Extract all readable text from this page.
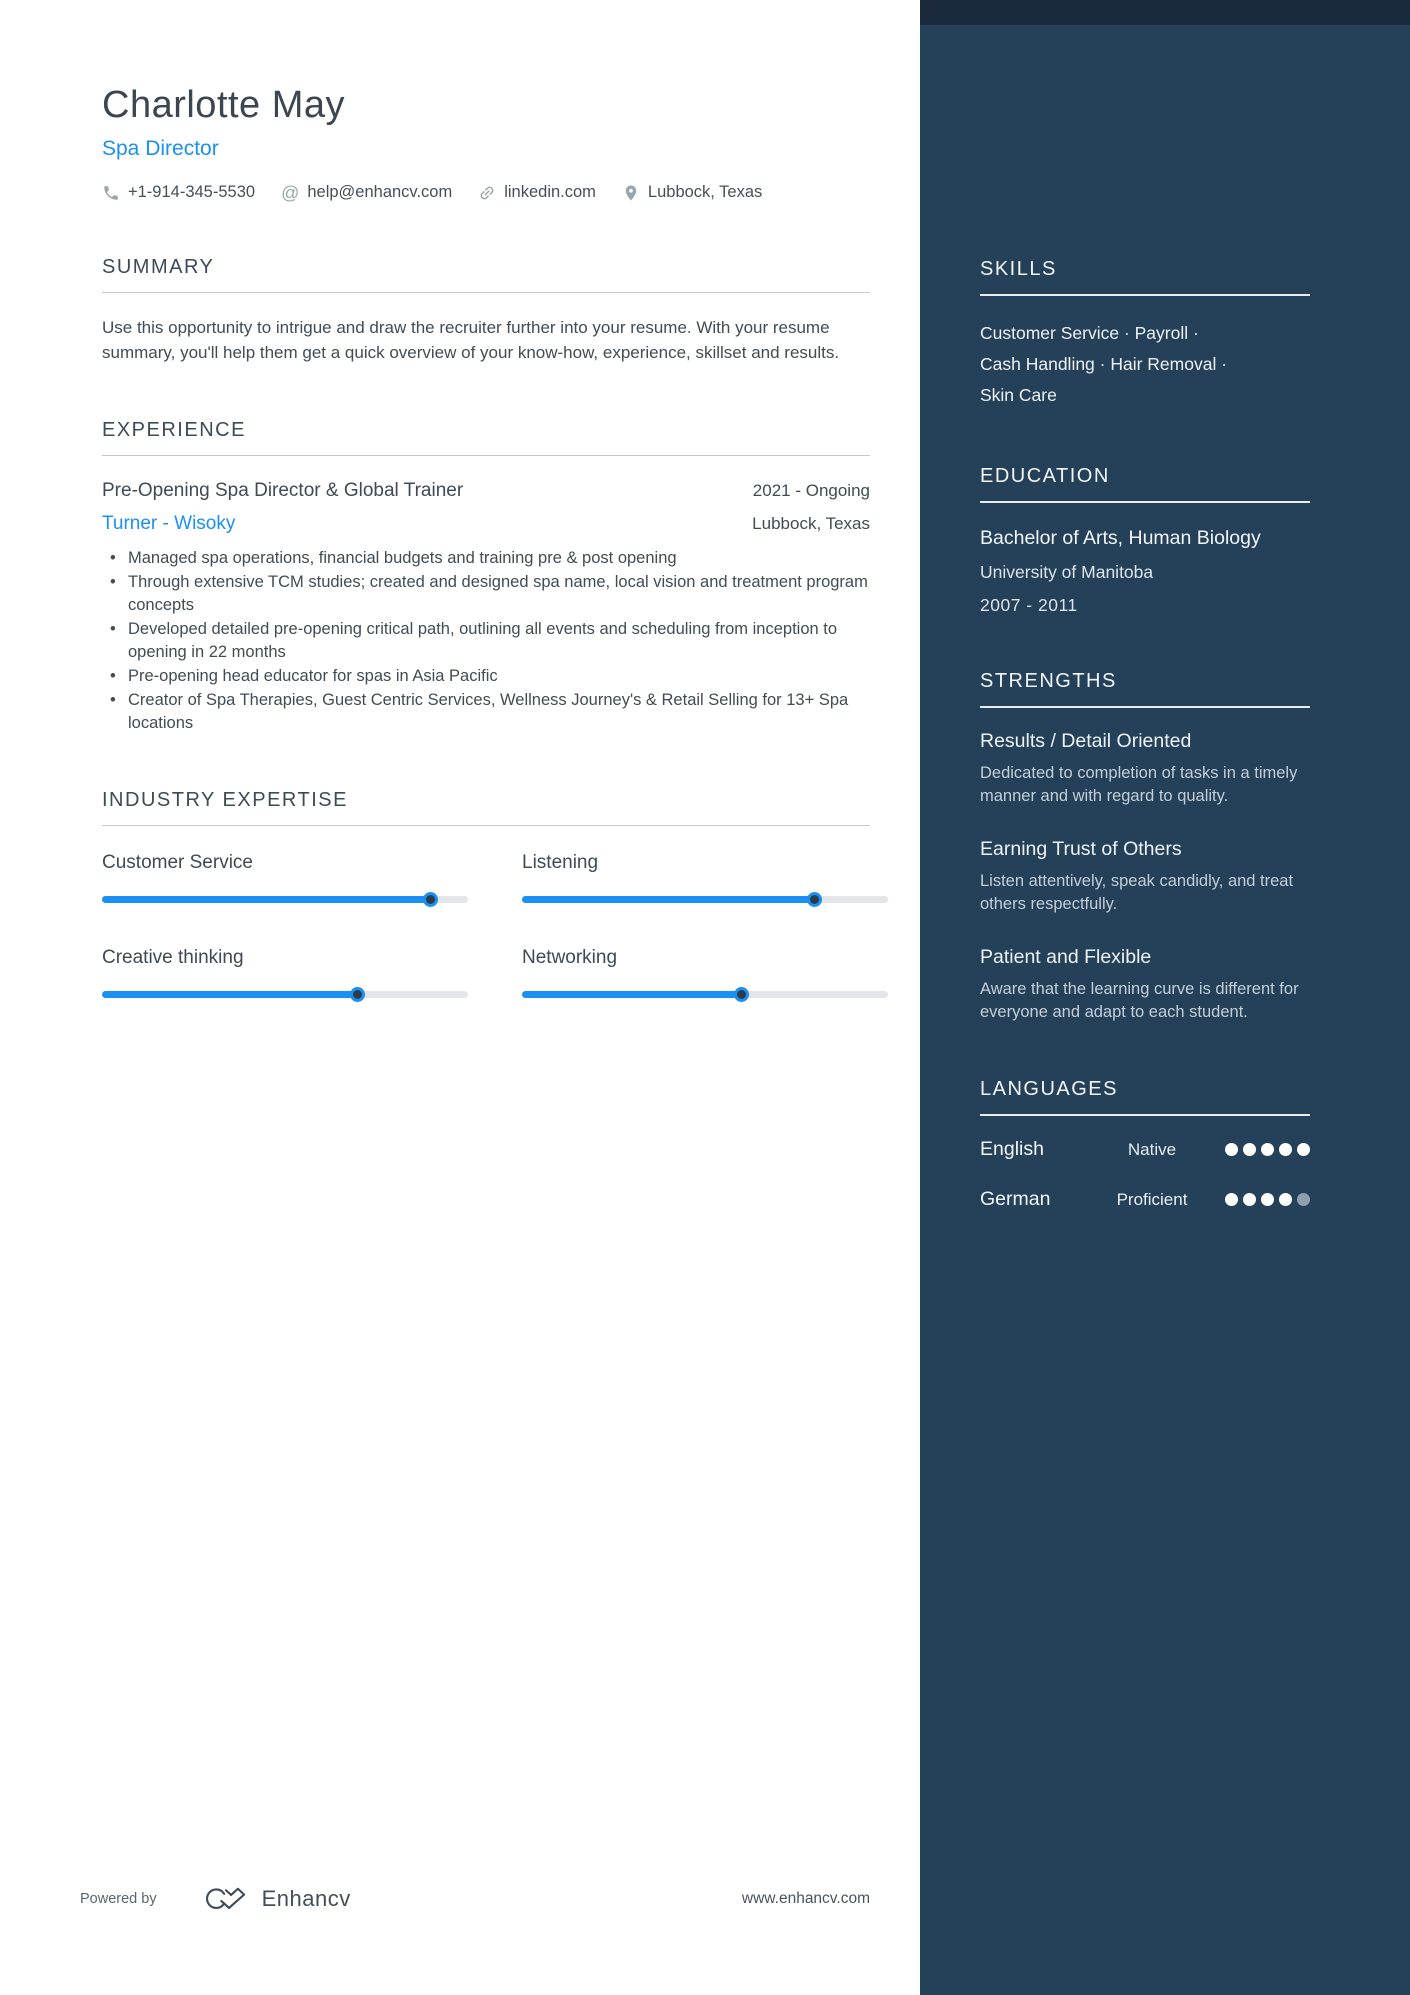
SKILLS
Customer Service · Payroll ·
Cash Handling · Hair Removal ·
Skin Care
EDUCATION
Bachelor of Arts, Human Biology
University of Manitoba
2007 - 2011
STRENGTHS
Results / Detail Oriented
Dedicated to completion of tasks in a timely manner and with regard to quality.
Earning Trust of Others
Listen attentively, speak candidly, and treat others respectfully.
Patient and Flexible
Aware that the learning curve is different for everyone and adapt to each student.
LANGUAGES
English	Native
German	Proficient
Charlotte May
Spa Director
+1-914-345-5530 @ help@enhancv.com	linkedin.com	Lubbock, Texas
SUMMARY

Use this opportunity to intrigue and draw the recruiter further into your resume. With your resume summary, you'll help them get a quick overview of your know-how, experience, skillset and results.

EXPERIENCE
Pre-Opening Spa Director & Global Trainer	2021 - Ongoing
Turner - Wisoky	Lubbock, Texas
• Managed spa operations, financial budgets and training pre & post opening
• Through extensive TCM studies; created and designed spa name, local vision and treatment program concepts
• Developed detailed pre-opening critical path, outlining all events and scheduling from inception to opening in 22 months
• Pre-opening head educator for spas in Asia Pacific
• Creator of Spa Therapies, Guest Centric Services, Wellness Journey's & Retail Selling for 13+ Spa locations
INDUSTRY EXPERTISE
Customer Service	Listening
Creative thinking	Networking
Powered by	Enhancv	www.enhancv.com
